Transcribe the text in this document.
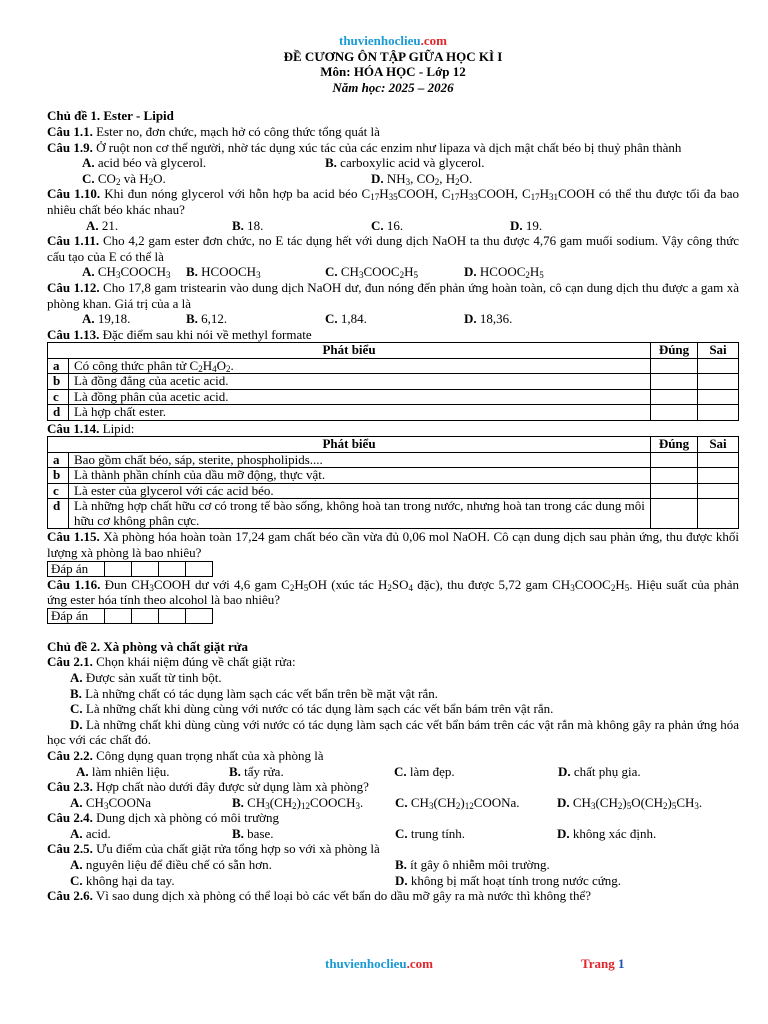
thuvienhoclieu.com
ĐỀ CƯƠNG ÔN TẬP GIỮA HỌC KÌ I
Môn: HÓA HỌC - Lớp 12
Năm học: 2025 – 2026
Chủ đề 1. Ester - Lipid
Câu 1.1. Ester no, đơn chức, mạch hở có công thức tổng quát là
Câu 1.9. Ở ruột non cơ thể người, nhờ tác dụng xúc tác của các enzim như lipaza và dịch mật chất béo bị thuỷ phân thành
A. acid béo và glycerol.	B. carboxylic acid và glycerol.
C. $CO_2$ và $H_2O$.	D. $NH_3$, $CO_2$, $H_2O$.
Câu 1.10. Khi đun nóng glycerol với hỗn hợp ba acid béo $C_{17}H_{35}COOH$, $C_{17}H_{33}COOH$, $C_{17}H_{31}COOH$ có thể thu được tối đa bao nhiêu chất béo khác nhau?
A. 21.	B. 18.	C. 16.	D. 19.
Câu 1.11. Cho 4,2 gam ester đơn chức, no E tác dụng hết với dung dịch NaOH ta thu được 4,76 gam muối sodium. Vậy công thức cấu tạo của E có thể là
A. $CH_3COOCH_3$ B. $HCOOCH_3$	C. $CH_3COOC_2H_5$	D. $HCOOC_2H_5$
Câu 1.12. Cho 17,8 gam tristearin vào dung dịch NaOH dư, đun nóng đến phản ứng hoàn toàn, cô cạn dung dịch thu được a gam xà phòng khan. Giá trị của a là
A. 19,18.	B. 6,12.	C. 1,84.	D. 18,36.
Câu 1.13. Đặc điểm sau khi nói về methyl formate
Phát biểu		Đúng	Sai
a	Có công thức phân tử $C_2H_4O_2$.		
b	Là đồng đẳng của acetic acid.		
c	Là đồng phân của acetic acid.		
d	Là hợp chất ester.		
Câu 1.14. Lipid:
Phát biểu		Đúng	Sai
a	Bao gồm chất béo, sáp, sterite, phospholipids....		
b	Là thành phần chính của dầu mỡ động, thực vật.		
c	Là ester của glycerol với các acid béo.		
d	Là những hợp chất hữu cơ có trong tế bào sống, không hoà tan trong nước, nhưng hoà tan trong các dung môi hữu cơ không phân cực.		
Câu 1.15. Xà phòng hóa hoàn toàn 17,24 gam chất béo cần vừa đủ 0,06 mol NaOH. Cô cạn dung dịch sau phản ứng, thu được khối lượng xà phòng là bao nhiêu?
Đáp án				
Câu 1.16. Đun $CH_3COOH$ dư với 4,6 gam $C_2H_5OH$ (xúc tác $H_2SO_4$ đặc), thu được 5,72 gam $CH_3COOC_2H_5$. Hiệu suất của phản ứng ester hóa tính theo alcohol là bao nhiêu?
Đáp án				
Chủ đề 2. Xà phòng và chất giặt rửa
Câu 2.1. Chọn khái niệm đúng về chất giặt rửa:
A. Được sản xuất từ tinh bột.
B. Là những chất có tác dụng làm sạch các vết bẩn trên bề mặt vật rắn.
C. Là những chất khi dùng cùng với nước có tác dụng làm sạch các vết bẩn bám trên vật rắn.
D. Là những chất khi dùng cùng với nước có tác dụng làm sạch các vết bẩn bám trên các vật rắn mà không gây ra phản ứng hóa học với các chất đó.
Câu 2.2. Công dụng quan trọng nhất của xà phòng là
A. làm nhiên liệu.	B. tẩy rửa.	C. làm đẹp.	D. chất phụ gia.
Câu 2.3. Hợp chất nào dưới đây được sử dụng làm xà phòng?
A. $CH_3COONa$	B. $CH_3(CH_2)_{12}COOCH_3$. C. $CH_3(CH_2)_{12}COONa$.	D. $CH_3(CH_2)_5O(CH_2)_5CH_3$.
Câu 2.4. Dung dịch xà phòng có môi trường
A. acid.	B. base.	C. trung tính.	D. không xác định.
Câu 2.5. Ưu điểm của chất giặt rửa tổng hợp so với xà phòng là
A. nguyên liệu để điều chế có sẵn hơn.	B. ít gây ô nhiễm môi trường.
C. không hại da tay.	D. không bị mất hoạt tính trong nước cứng.
Câu 2.6. Vì sao dung dịch xà phòng có thể loại bỏ các vết bẩn do dầu mỡ gây ra mà nước thì không thể?
thuvienhoclieu.com	Trang 1
